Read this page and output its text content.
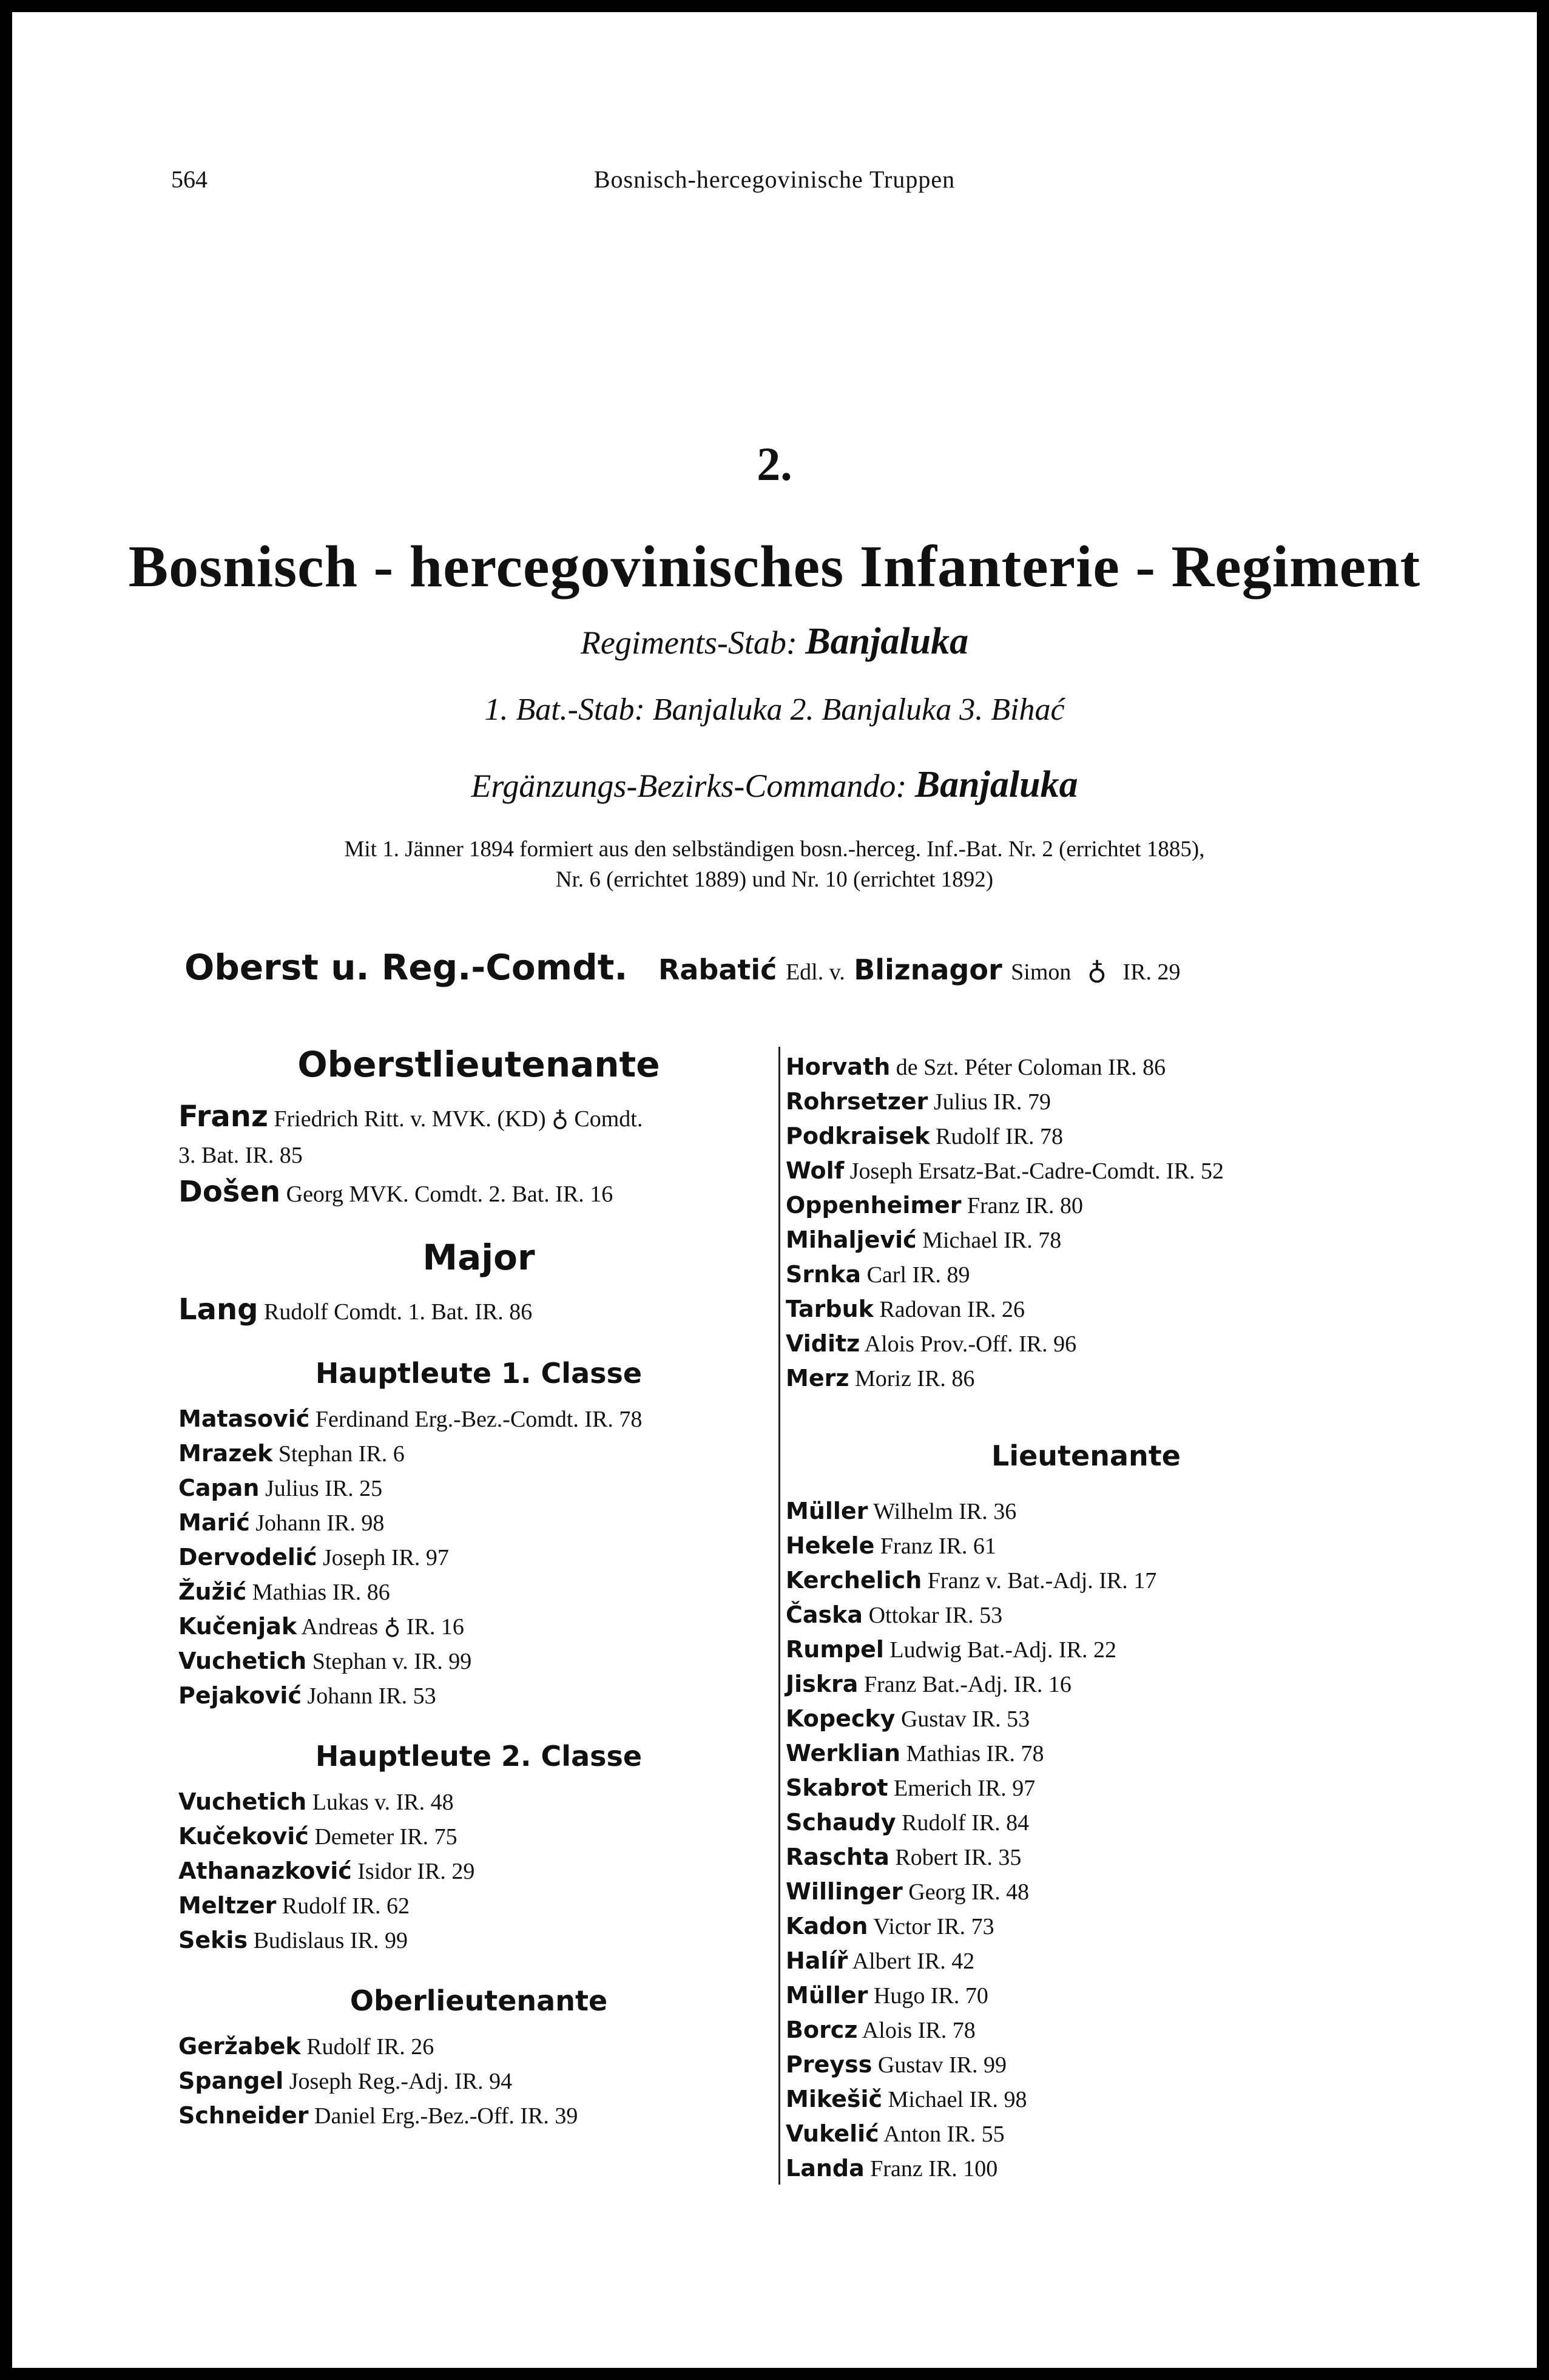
564	Bosnisch-hercegovinische Truppen
2.
Bosnisch - hercegovinisches Infanterie - Regiment
Regiments-Stab: Banjaluka
1. Bat.-Stab: Banjaluka 2. Banjaluka 3. Bihać
Ergänzungs-Bezirks-Commando: Banjaluka
Mit 1. Jänner 1894 formiert aus den selbständigen bosn.-herceg. Inf.-Bat. Nr. 2 (errichtet 1885),
Nr. 6 (errichtet 1889) und Nr. 10 (errichtet 1892)
Oberst u. Reg.-Comdt. Rabatić Edl. v. Bliznagor Simon ♁ IR. 29
Oberstlieutenante
Franz Friedrich Ritt. v. MVK. (KD) ♁ Comdt.
3. Bat. IR. 85
Došen Georg MVK. Comdt. 2. Bat. IR. 16
Major
Lang Rudolf Comdt. 1. Bat. IR. 86
Hauptleute 1. Classe
Matasović Ferdinand Erg.-Bez.-Comdt. IR. 78
Mrazek Stephan IR. 6
Capan Julius IR. 25
Marić Johann IR. 98
Dervodelić Joseph IR. 97
Žužić Mathias IR. 86
Kučenjak Andreas ♁ IR. 16
Vuchetich Stephan v. IR. 99
Pejaković Johann IR. 53
Hauptleute 2. Classe
Vuchetich Lukas v. IR. 48
Kučeković Demeter IR. 75
Athanazković Isidor IR. 29
Meltzer Rudolf IR. 62
Sekis Budislaus IR. 99
Oberlieutenante
Geržabek Rudolf IR. 26
Spangel Joseph Reg.-Adj. IR. 94
Schneider Daniel Erg.-Bez.-Off. IR. 39
Horvath de Szt. Péter Coloman IR. 86
Rohrsetzer Julius IR. 79
Podkraisek Rudolf IR. 78
Wolf Joseph Ersatz-Bat.-Cadre-Comdt. IR. 52
Oppenheimer Franz IR. 80
Mihaljević Michael IR. 78
Srnka Carl IR. 89
Tarbuk Radovan IR. 26
Viditz Alois Prov.-Off. IR. 96
Merz Moriz IR. 86
Lieutenante
Müller Wilhelm IR. 36
Hekele Franz IR. 61
Kerchelich Franz v. Bat.-Adj. IR. 17
Časka Ottokar IR. 53
Rumpel Ludwig Bat.-Adj. IR. 22
Jiskra Franz Bat.-Adj. IR. 16
Kopecky Gustav IR. 53
Werklian Mathias IR. 78
Skabrot Emerich IR. 97
Schaudy Rudolf IR. 84
Raschta Robert IR. 35
Willinger Georg IR. 48
Kadon Victor IR. 73
Halíř Albert IR. 42
Müller Hugo IR. 70
Borcz Alois IR. 78
Preyss Gustav IR. 99
Mikešič Michael IR. 98
Vukelić Anton IR. 55
Landa Franz IR. 100
